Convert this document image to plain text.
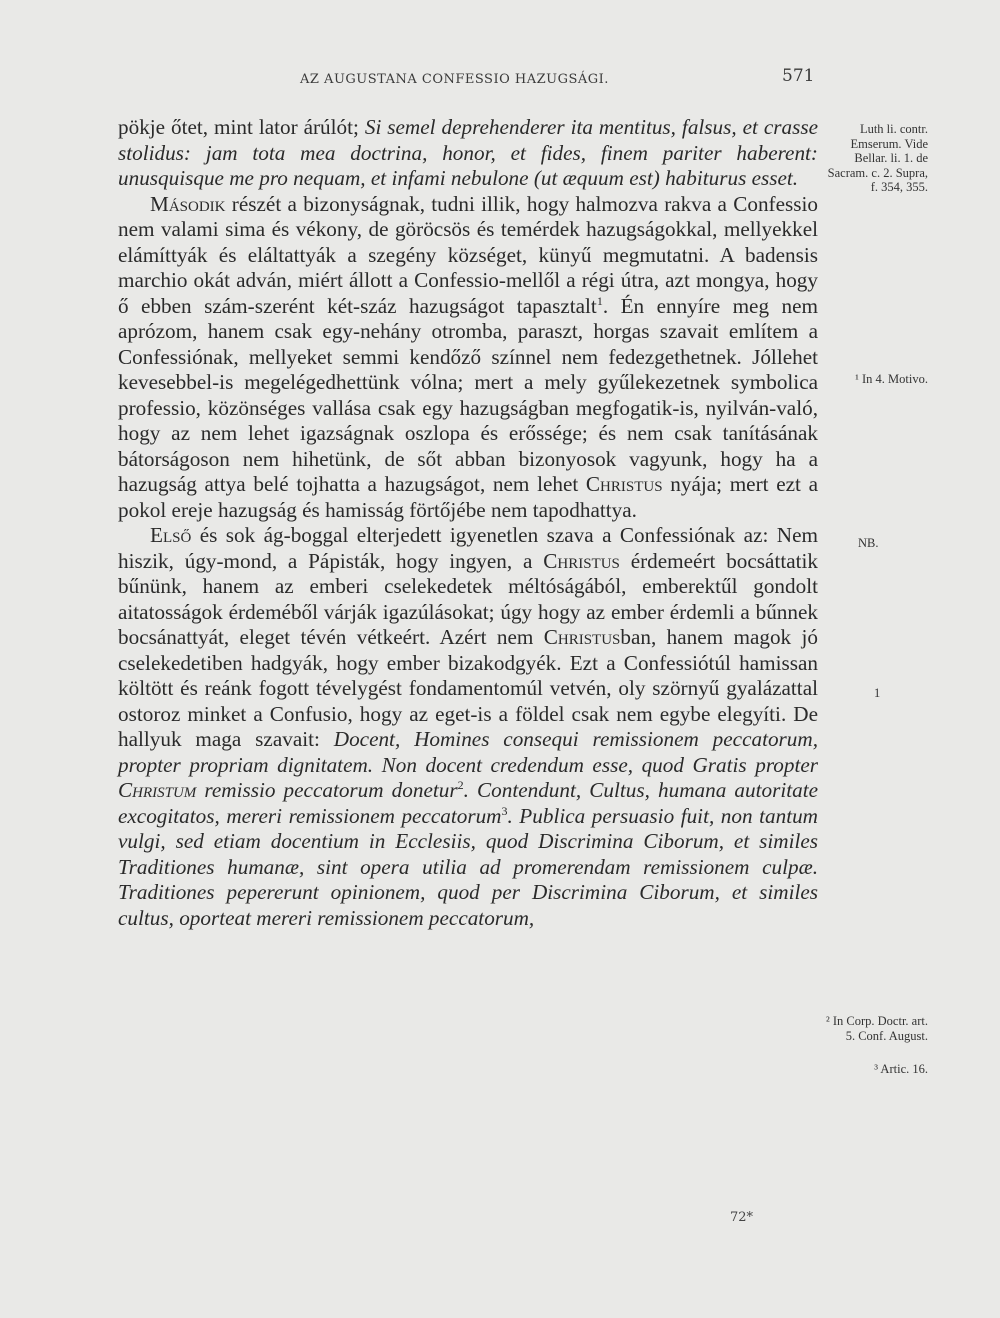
AZ AUGUSTANA CONFESSIO HAZUGSÁGI.	571

pökje őtet, mint lator árúlót; Si semel deprehenderer ita mentitus, falsus, et crasse stolidus: jam tota mea doctrina, honor, et fides, finem pariter haberent: unusquisque me pro nequam, et infami nebulone (ut æquum est) habiturus esset.

Második részét a bizonyságnak, tudni illik, hogy halmozva rakva a Confessio nem valami sima és vékony, de göröcsös és temérdek hazugságokkal, mellyekkel elámíttyák és eláltattyák a szegény községet, künyű megmutatni. A badensis marchio okát adván, miért állott a Confessio-mellől a régi útra, azt mongya, hogy ő ebben szám-szerént két-száz hazugságot tapasztalt$^1$. Én ennyíre meg nem aprózom, hanem csak egy-nehány otromba, paraszt, horgas szavait említem a Confessiónak, mellyeket semmi kendőző színnel nem fedezgethetnek. Jóllehet kevesebbel-is megelégedhettünk vólna; mert a mely gyűlekezetnek symbolica professio, közönséges vallása csak egy hazugságban megfogatik-is, nyilván-való, hogy az nem lehet igazságnak oszlopa és erőssége; és nem csak tanításának bátorságoson nem hihetünk, de sőt abban bizonyosok vagyunk, hogy ha a hazugság attya belé tojhatta a hazugságot, nem lehet Christus nyája; mert ezt a pokol ereje hazugság és hamisság förtőjébe nem tapodhattya.

Első és sok ág-boggal elterjedett igyenetlen szava a Confessiónak az: Nem hiszik, úgy-mond, a Pápisták, hogy ingyen, a Christus érdemeért bocsáttatik bűnünk, hanem az emberi cselekedetek méltóságából, emberektűl gondolt aitatosságok érdeméből várják igazúlásokat; úgy hogy az ember érdemli a bűnnek bocsánattyát, eleget tévén vétkeért. Azért nem Christusban, hanem magok jó cselekedetiben hadgyák, hogy ember bizakodgyék. Ezt a Confessiótúl hamissan költött és reánk fogott tévelygést fondamentomúl vetvén, oly szörnyű gyalázattal ostoroz minket a Confusio, hogy az eget-is a földel csak nem egybe elegyíti. De hallyuk maga szavait: Docent, Homines consequi remissionem peccatorum, propter propriam dignitatem. Non docent credendum esse, quod Gratis propter Christum remissio peccatorum donetur$^2$. Contendunt, Cultus, humana autoritate excogitatos, mereri remissionem peccatorum$^3$. Publica persuasio fuit, non tantum vulgi, sed etiam docentium in Ecclesiis, quod Discrimina Ciborum, et similes Traditiones humanæ, sint opera utilia ad promerendam remissionem culpæ. Traditiones pepererunt opinionem, quod per Discrimina Ciborum, et similes cultus, oporteat mereri remissionem peccatorum,

Luth li. contr. Emserum. Vide Bellar. li. 1. de Sacram. c. 2. Supra, f. 354, 355.
¹ In 4. Motivo.
NB.
1
² In Corp. Doctr. art. 5. Conf. August.
³ Artic. 16.
72*
